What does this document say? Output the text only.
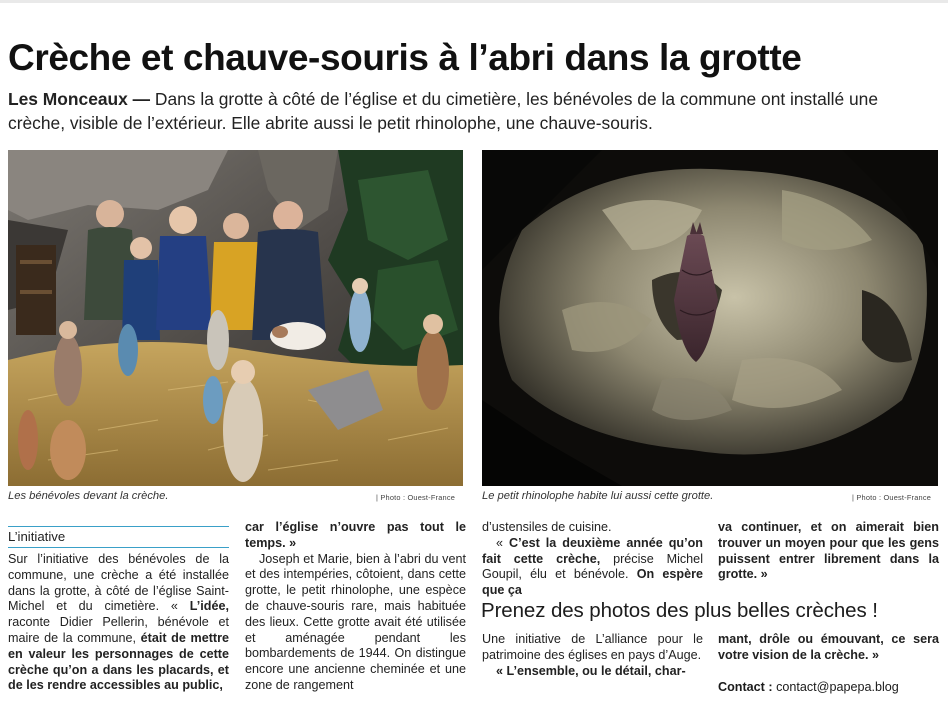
Crèche et chauve-souris à l’abri dans la grotte
Les Monceaux — Dans la grotte à côté de l’église et du cimetière, les bénévoles de la commune ont installé une crèche, visible de l’extérieur. Elle abrite aussi le petit rhinolophe, une chauve-souris.
Les bénévoles devant la crèche.	| Photo : Ouest-France Le petit rhinolophe habite lui aussi cette grotte.	| Photo : Ouest-France
L’initiative

Sur l’initiative des bénévoles de la commune, une crèche a été installée dans la grotte, à côté de l’église Saint-Michel et du cimetière. « L’idée, raconte Didier Pellerin, bénévole et maire de la commune, était de mettre en valeur les personnages de cette crèche qu’on a dans les placards, et de les rendre accessibles au public,

car l’église n’ouvre pas tout le temps. »

Joseph et Marie, bien à l’abri du vent et des intempéries, côtoient, dans cette grotte, le petit rhinolophe, une espèce de chauve-souris rare, mais habituée des lieux. Cette grotte avait été utilisée et aménagée pendant les bombardements de 1944. On distingue encore une ancienne cheminée et une zone de rangement

d’ustensiles de cuisine.

« C’est la deuxième année qu’on fait cette crèche, précise Michel Goupil, élu et bénévole. On espère que ça

va continuer, et on aimerait bien trouver un moyen pour que les gens puissent entrer librement dans la grotte. »

Prenez des photos des plus belles crèches !

Une initiative de L’alliance pour le patrimoine des églises en pays d’Auge.

« L’ensemble, ou le détail, char-

mant, drôle ou émouvant, ce sera votre vision de la crèche. »

Contact : contact@papepa.blog
